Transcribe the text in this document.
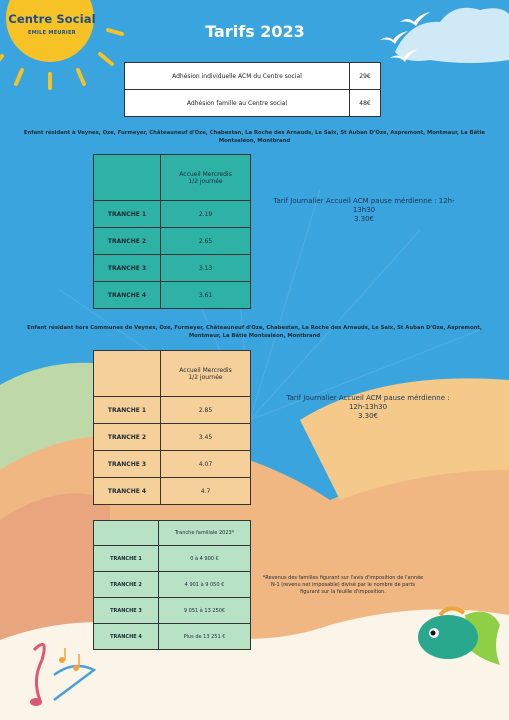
Centre Social
EMILE MEURIER	Tarifs 2023
Adhésion individuelle ACM du Centre social	29€
Adhésion famille au Centre social	48€
Enfant résidant à Veynes, Oze, Furmeyer, Châteauneuf d'Oze, Chabestan, La Roche des Arnauds, Le Saix, St Auban D'Oze, Aspremont, Montmaur, La Bâtie Montsaléon, Montbrand
	Accueil Mercredis
1/2 journée
TRANCHE 1	2.19
TRANCHE 2	2.65
TRANCHE 3	3.13
TRANCHE 4	3.61
Tarif Journalier Accueil ACM pause mérdienne : 12h-
13h30
3.30€
Enfant résidant hors Communes de Veynes, Oze, Furmeyer, Châteauneuf d'Oze, Chabestan, La Roche des Arnauds, Le Saix, St Auban D'Oze, Aspremont, Montmaur, La Bâtie Montsaléon, Montbrand
	Accueil Mercredis
1/2 journée
TRANCHE 1	2.85
TRANCHE 2	3.45
TRANCHE 3	4.07
TRANCHE 4	4.7
Tarif Journalier Accueil ACM pause mérdienne :
12h-13h30
3.30€
	Tranche familiale 2023*
TRANCHE 1	0 à 4 900 €
TRANCHE 2	4 901 à 9 050 €
TRANCHE 3	9 051 à 13 250€
TRANCHE 4	Plus de 13 251 €
*Revenus des familles figurant sur l'avis d'imposition de l'année N-1 (revenu net imposable) divisé par le nombre de parts figurant sur la feuille d'imposition.
